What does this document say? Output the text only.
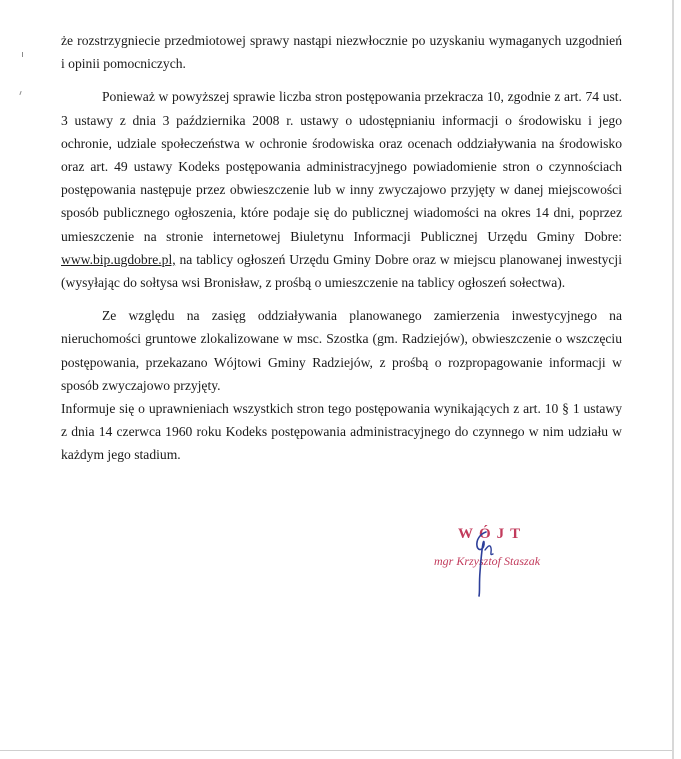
że rozstrzygniecie przedmiotowej sprawy nastąpi niezwłocznie po uzyskaniu wymaganych uzgodnień i opinii pomocniczych.

Ponieważ w powyższej sprawie liczba stron postępowania przekracza 10, zgodnie z art. 74 ust. 3 ustawy z dnia 3 października 2008 r. ustawy o udostępnianiu informacji o środowisku i jego ochronie, udziale społeczeństwa w ochronie środowiska oraz ocenach oddziaływania na środowisko oraz art. 49 ustawy Kodeks postępowania administracyjnego powiadomienie stron o czynnościach postępowania następuje przez obwieszczenie lub w inny zwyczajowo przyjęty w danej miejscowości sposób publicznego ogłoszenia, które podaje się do publicznej wiadomości na okres 14 dni, poprzez umieszczenie na stronie internetowej Biuletynu Informacji Publicznej Urzędu Gminy Dobre: www.bip.ugdobre.pl, na tablicy ogłoszeń Urzędu Gminy Dobre oraz w miejscu planowanej inwestycji (wysyłając do sołtysa wsi Bronisław, z prośbą o umieszczenie na tablicy ogłoszeń sołectwa).

Ze względu na zasięg oddziaływania planowanego zamierzenia inwestycyjnego na nieruchomości gruntowe zlokalizowane w msc. Szostka (gm. Radziejów), obwieszczenie o wszczęciu postępowania, przekazano Wójtowi Gminy Radziejów, z prośbą o rozpropagowanie informacji w sposób zwyczajowo przyjęty.

Informuje się o uprawnieniach wszystkich stron tego postępowania wynikających z art. 10 § 1 ustawy z dnia 14 czerwca 1960 roku Kodeks postępowania administracyjnego do czynnego w nim udziału w każdym jego stadium.

WÓJT
mgr Krzysztof Staszak
